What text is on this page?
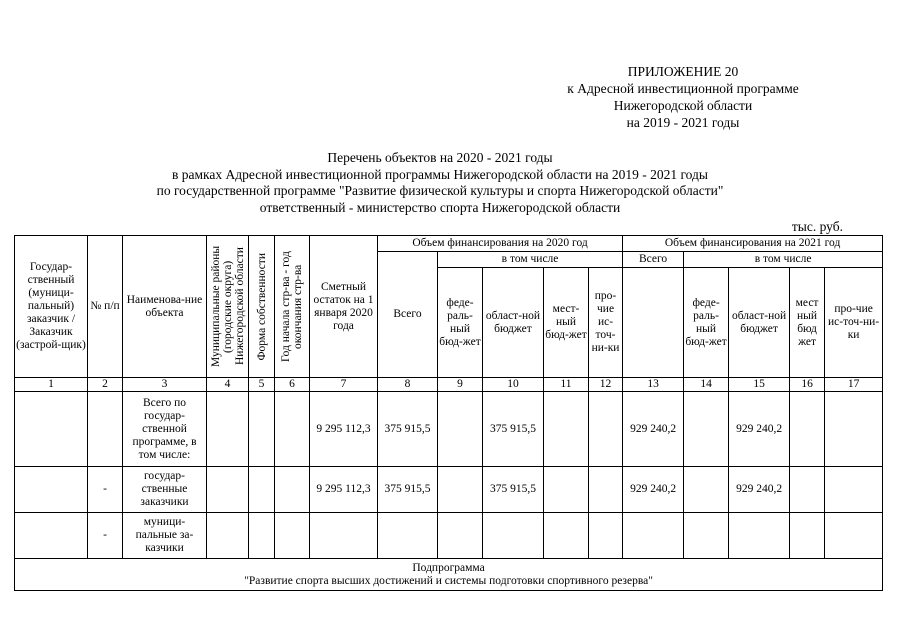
ПРИЛОЖЕНИЕ 20
к Адресной инвестиционной программе
Нижегородской области
на 2019 - 2021 годы
Перечень объектов на 2020 - 2021 годы
в рамках Адресной инвестиционной программы Нижегородской области на 2019 - 2021 годы
по государственной программе "Развитие физической культуры и спорта Нижегородской области"
ответственный - министерство спорта Нижегородской области
тыс. руб.
Государ-ственный (муници-пальный) заказчик / Заказчик (застрой-щик)	№ п/п	Наименова-ние объекта	Муниципальные районы (городские округа) Нижегородской области	Форма собственности	Год начала стр-ва - год окончания стр-ва	Сметный остаток на 1 января 2020 года	Объем финансирования на 2020 год					Объем финансирования на 2021 год				
							Всего	в том числе				Всего	в том числе			
								феде-раль-ный бюд-жет	област-ной бюджет	мест-ный бюд-жет	про-чие ис-точ-ни-ки		феде-раль-ный бюд-жет	област-ной бюджет	мест ный бюд жет	про-чие ис-точ-ни-ки
1	2	3	4	5	6	7	8	9	10	11	12	13	14	15	16	17
		Всего по государ-ственной программе, в том числе:				9 295 112,3	375 915,5		375 915,5			929 240,2		929 240,2		
	-	государ-ственные заказчики				9 295 112,3	375 915,5		375 915,5			929 240,2		929 240,2		
	-	муници-пальные за-казчики														

Подпрограмма
"Развитие спорта высших достижений и системы подготовки спортивного резерва"																
